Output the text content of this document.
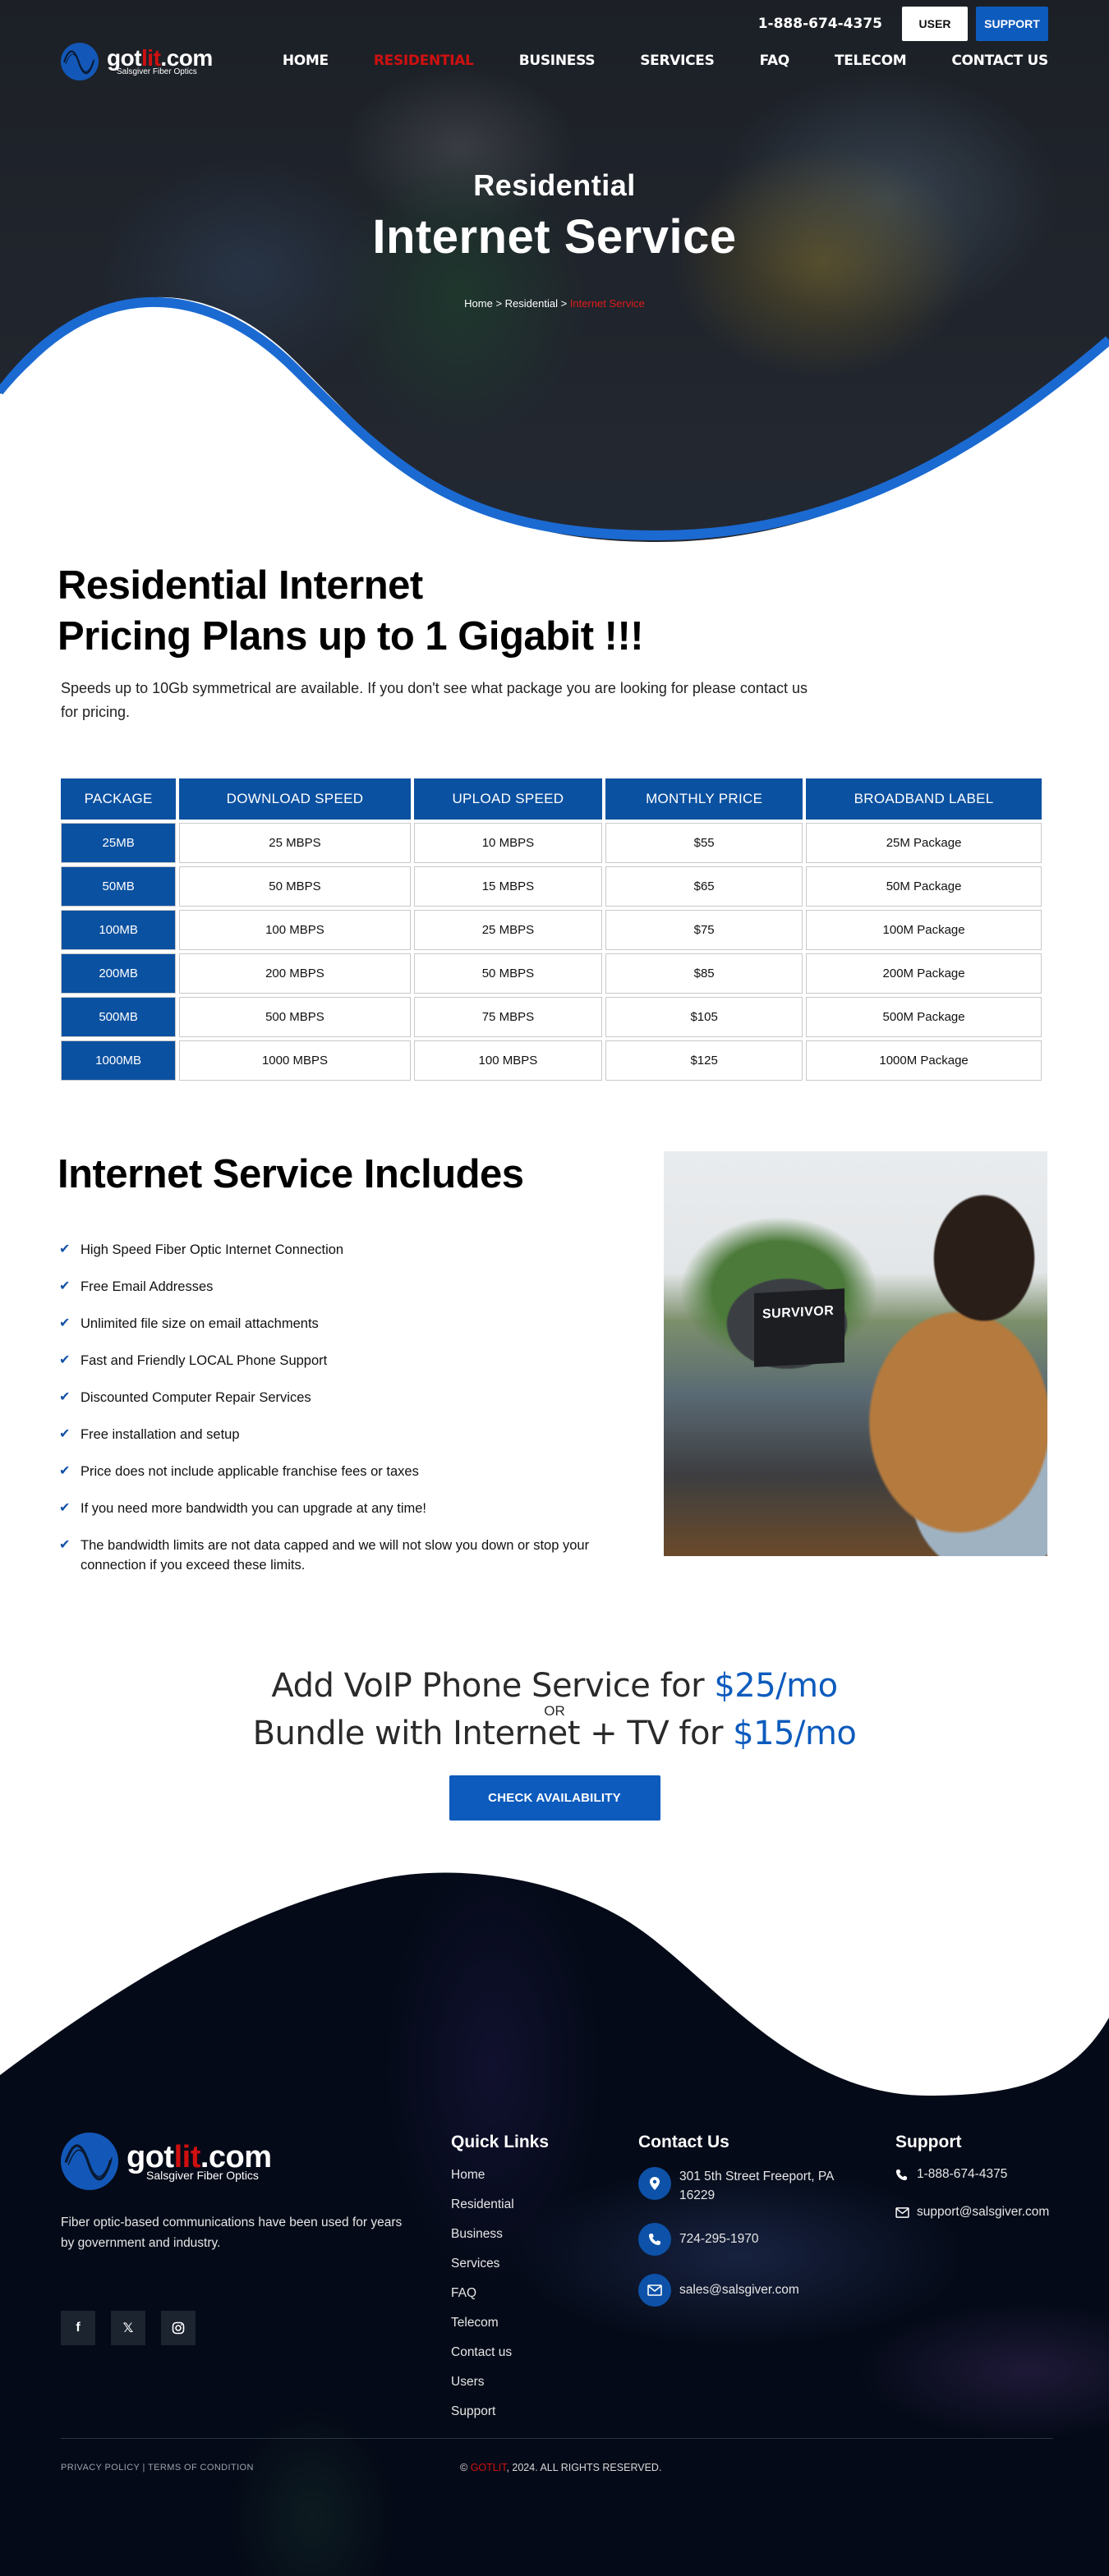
1-888-674-4375	USER	SUPPORT
gotlit.com
Salsgiver Fiber Optics
HOME	RESIDENTIAL	BUSINESS	SERVICES	FAQ	TELECOM	CONTACT US
Residential
Internet Service
Home > Residential > Internet Service
Residential Internet
Pricing Plans up to 1 Gigabit !!!

Speeds up to 10Gb symmetrical are available. If you don't see what package you are looking for please contact us for pricing.

PACKAGE	DOWNLOAD SPEED	UPLOAD SPEED	MONTHLY PRICE	BROADBAND LABEL
25MB	25 MBPS	10 MBPS	$55	25M Package
50MB	50 MBPS	15 MBPS	$65	50M Package
100MB	100 MBPS	25 MBPS	$75	100M Package
200MB	200 MBPS	50 MBPS	$85	200M Package
500MB	500 MBPS	75 MBPS	$105	500M Package
1000MB	1000 MBPS	100 MBPS	$125	1000M Package
Internet Service Includes
✔ High Speed Fiber Optic Internet Connection
✔ Free Email Addresses
✔ Unlimited file size on email attachments
✔ Fast and Friendly LOCAL Phone Support
✔ Discounted Computer Repair Services
✔ Free installation and setup
✔ Price does not include applicable franchise fees or taxes
✔ If you need more bandwidth you can upgrade at any time!
✔ The bandwidth limits are not data capped and we will not slow you down or stop your connection if you exceed these limits.
SURVIVOR
Add VoIP Phone Service for $25/mo
OR
Bundle with Internet + TV for $15/mo
CHECK AVAILABILITY
gotlit.com
Salsgiver Fiber Optics

Fiber optic-based communications have been used for years by government and industry.

f	𝕏
Quick Links
Home
Residential
Business
Services
FAQ
Telecom
Contact us
Users
Support
Contact Us
301 5th Street Freeport, PA 16229
724-295-1970
sales@salsgiver.com
Support
1-888-674-4375
support@salsgiver.com
PRIVACY POLICY | TERMS OF CONDITION	© GOTLIT, 2024. ALL RIGHTS RESERVED.
